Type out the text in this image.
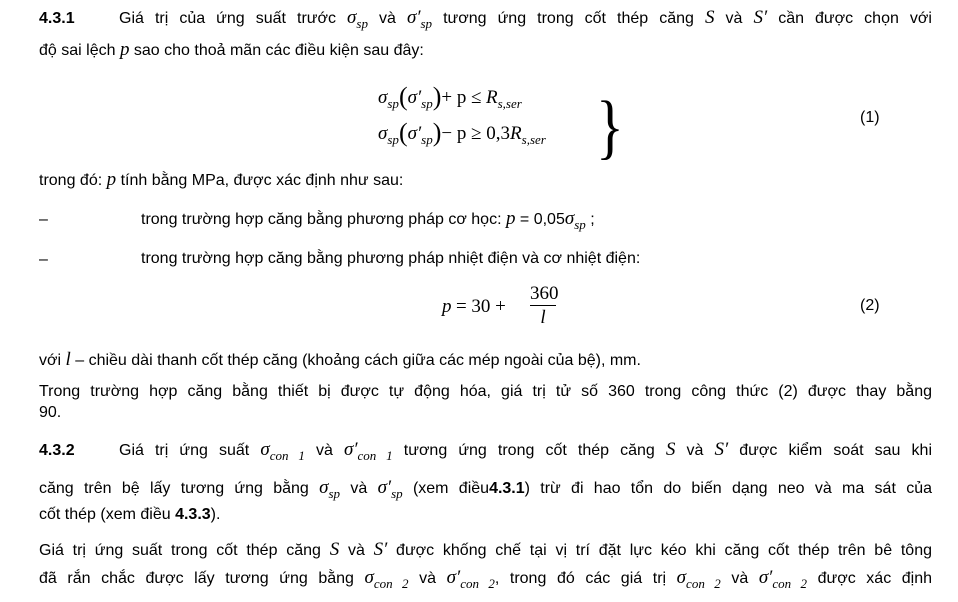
4.3.1	Giá trị của ứng suất trước $\sigma_{sp}$ và $\sigma'_{sp}$ tương ứng trong cốt thép căng S và S′ cần được chọn với
độ sai lệch p sao cho thoả mãn các điều kiện sau đây:
$\sigma_{sp}(\sigma'_{sp})+ p \le R_{s,ser}$
$\sigma_{sp}(\sigma'_{sp})- p \ge 0,3R_{s,ser}$ }	(1)
trong đó: p tính bằng MPa, được xác định như sau:
–	trong trường hợp căng bằng phương pháp cơ học: $p = 0,05\sigma_{sp}$ ;
–	trong trường hợp căng bằng phương pháp nhiệt điện và cơ nhiệt điện:
p = 30 +
360
l
(2)
với l – chiều dài thanh cốt thép căng (khoảng cách giữa các mép ngoài của bệ), mm.
Trong trường hợp căng bằng thiết bị được tự động hóa, giá trị tử số 360 trong công thức (2) được thay bằng
90.
4.3.2	Giá trị ứng suất $\sigma_{con 1}$ và $\sigma'_{con 1}$ tương ứng trong cốt thép căng S và S′ được kiểm soát sau khi
căng trên bệ lấy tương ứng bằng $\sigma_{sp}$ và $\sigma'_{sp}$ (xem điều4.3.1) trừ đi hao tổn do biến dạng neo và ma sát của
cốt thép (xem điều 4.3.3).
Giá trị ứng suất trong cốt thép căng S và S′ được khống chế tại vị trí đặt lực kéo khi căng cốt thép trên bê tông
đã rắn chắc được lấy tương ứng bằng $\sigma_{con 2}$ và $\sigma'_{con 2}$, trong đó các giá trị $\sigma_{con 2}$ và $\sigma'_{con 2}$ được xác định
